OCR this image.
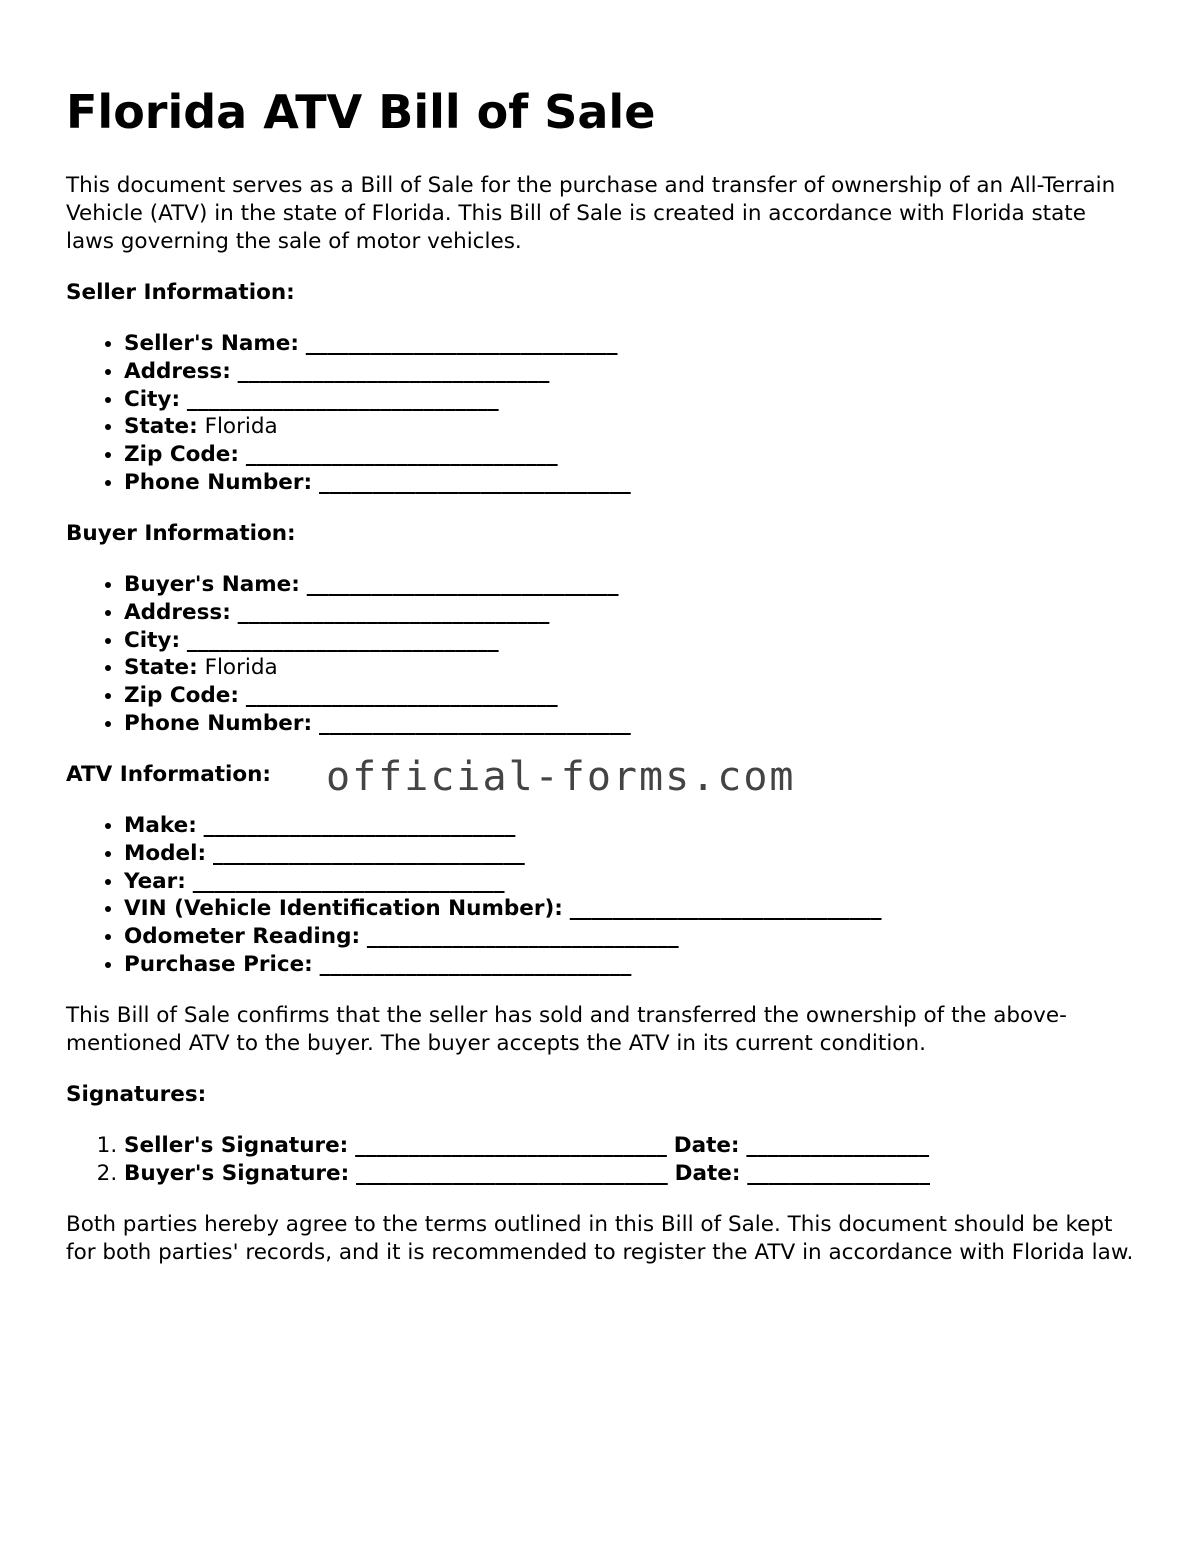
Florida ATV Bill of Sale

This document serves as a Bill of Sale for the purchase and transfer of ownership of an All-Terrain Vehicle (ATV) in the state of Florida. This Bill of Sale is created in accordance with Florida state laws governing the sale of motor vehicles.

Seller Information:

• Seller's Name: _____________________________
• Address: _____________________________
• City: _____________________________
• State: Florida
• Zip Code: _____________________________
• Phone Number: _____________________________

Buyer Information:

• Buyer's Name: _____________________________
• Address: _____________________________
• City: _____________________________
• State: Florida
• Zip Code: _____________________________
• Phone Number: _____________________________

ATV Information:

• Make: _____________________________
• Model: _____________________________
• Year: _____________________________
• VIN (Vehicle Identification Number): _____________________________
• Odometer Reading: _____________________________
• Purchase Price: _____________________________

This Bill of Sale confirms that the seller has sold and transferred the ownership of the above-mentioned ATV to the buyer. The buyer accepts the ATV in its current condition.

Signatures:

1. Seller's Signature: _____________________________ Date: _________________
2. Buyer's Signature: _____________________________ Date: _________________

Both parties hereby agree to the terms outlined in this Bill of Sale. This document should be kept for both parties' records, and it is recommended to register the ATV in accordance with Florida law.

official-forms.com
